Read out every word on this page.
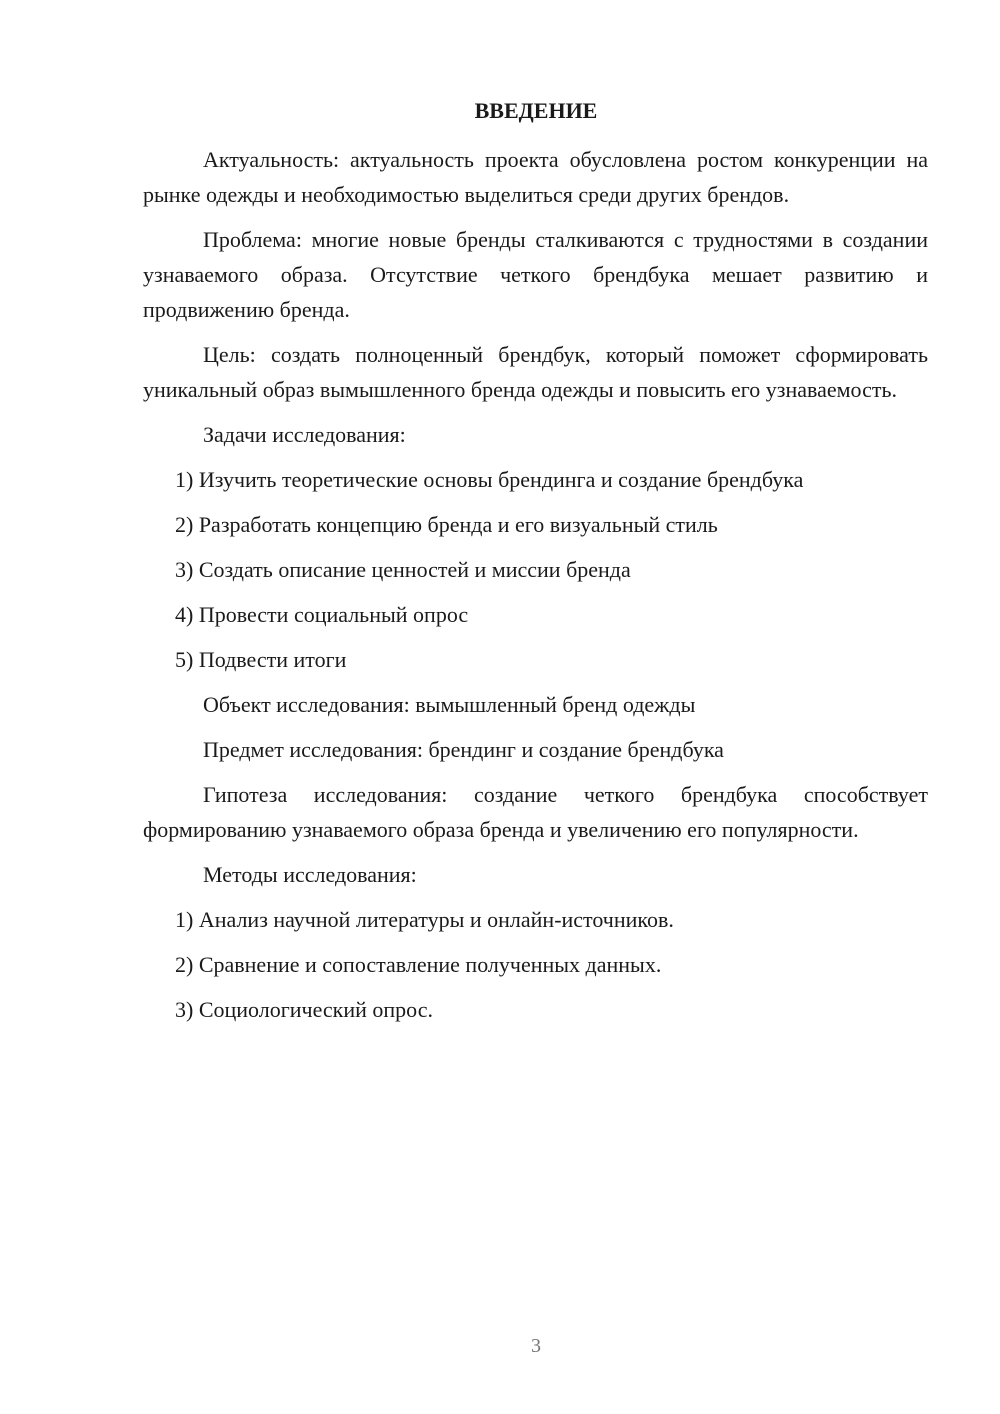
ВВЕДЕНИЕ

Актуальность: актуальность проекта обусловлена ростом конкуренции на рынке одежды и необходимостью выделиться среди других брендов.

Проблема: многие новые бренды сталкиваются с трудностями в создании узнаваемого образа. Отсутствие четкого брендбука мешает развитию и продвижению бренда.

Цель: создать полноценный брендбук, который поможет сформировать уникальный образ вымышленного бренда одежды и повысить его узнаваемость.

Задачи исследования:

1) Изучить теоретические основы брендинга и создание брендбука

2) Разработать концепцию бренда и его визуальный стиль

3) Создать описание ценностей и миссии бренда

4) Провести социальный опрос

5) Подвести итоги

Объект исследования: вымышленный бренд одежды

Предмет исследования: брендинг и создание брендбука

Гипотеза исследования: создание четкого брендбука способствует формированию узнаваемого образа бренда и увеличению его популярности.

Методы исследования:

1) Анализ научной литературы и онлайн-источников.

2) Сравнение и сопоставление полученных данных.

3) Социологический опрос.

3
